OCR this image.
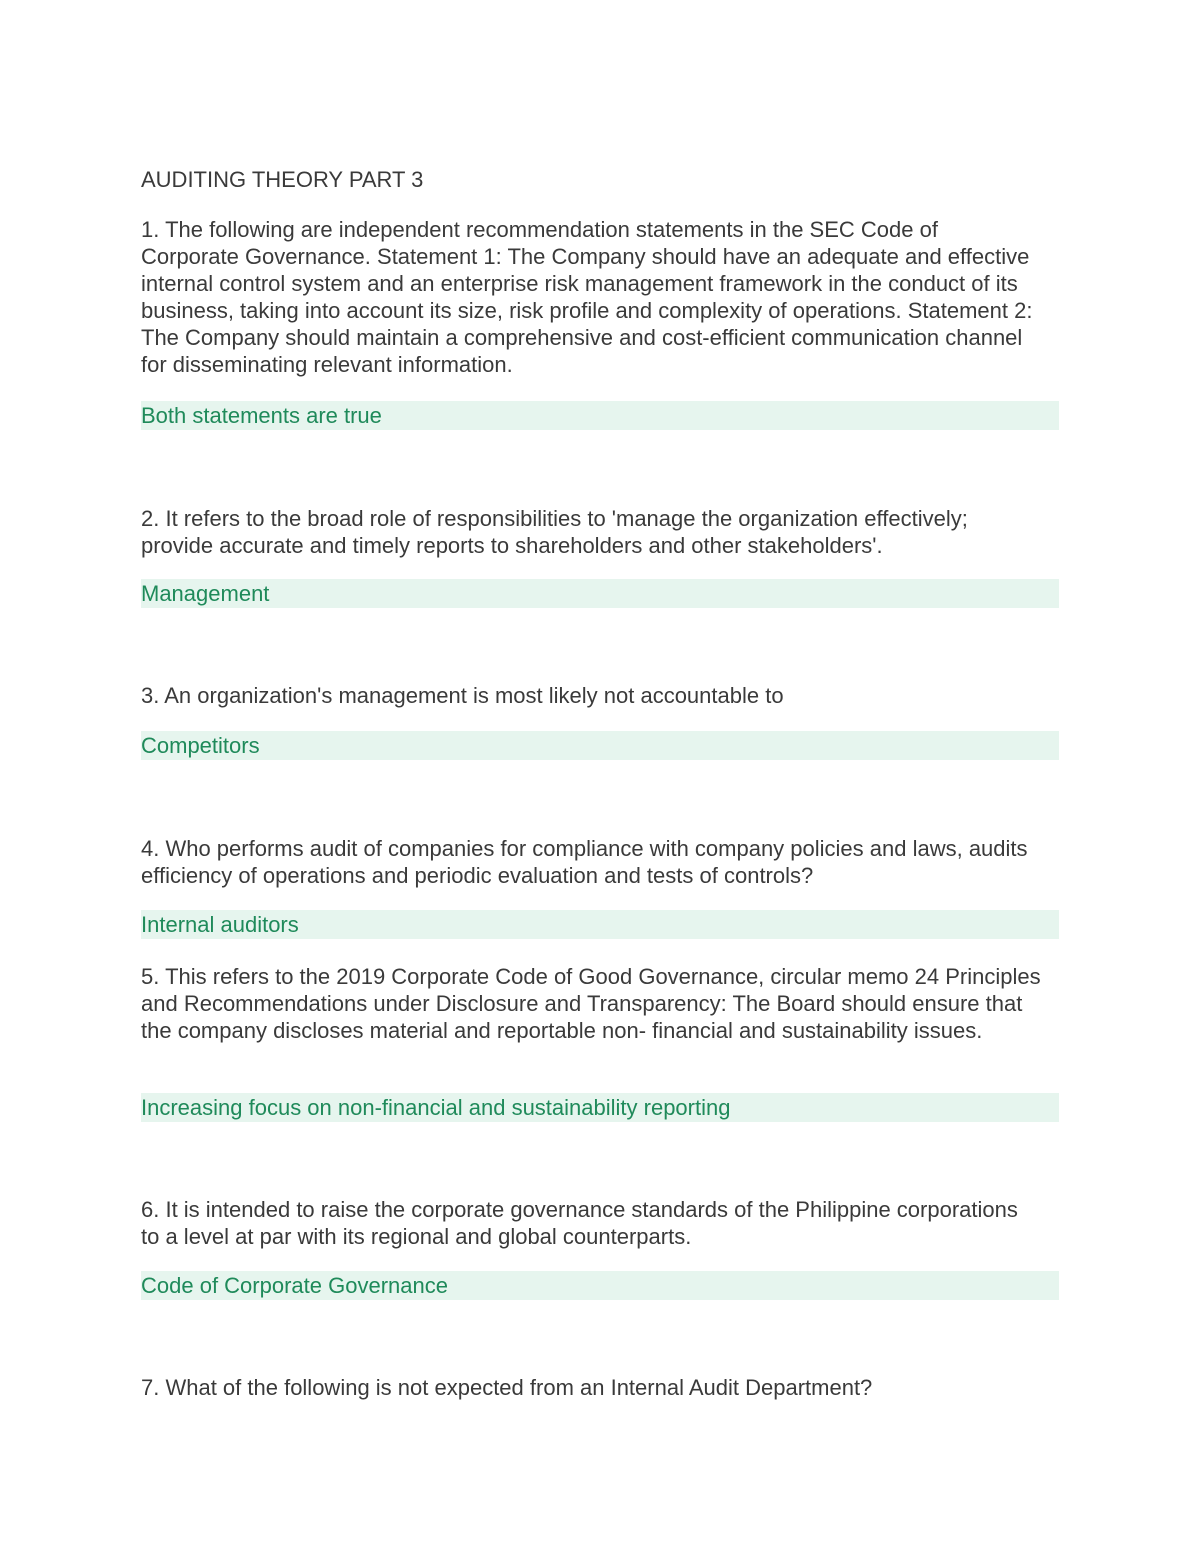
AUDITING THEORY PART 3
1. The following are independent recommendation statements in the SEC Code of Corporate Governance. Statement 1: The Company should have an adequate and effective internal control system and an enterprise risk management framework in the conduct of its business, taking into account its size, risk profile and complexity of operations. Statement 2: The Company should maintain a comprehensive and cost-efficient communication channel for disseminating relevant information.
Both statements are true
2. It refers to the broad role of responsibilities to 'manage the organization effectively; provide accurate and timely reports to shareholders and other stakeholders'.
Management
3. An organization's management is most likely not accountable to
Competitors
4. Who performs audit of companies for compliance with company policies and laws, audits efficiency of operations and periodic evaluation and tests of controls?
Internal auditors
5. This refers to the 2019 Corporate Code of Good Governance, circular memo 24 Principles and Recommendations under Disclosure and Transparency: The Board should ensure that the company discloses material and reportable non- financial and sustainability issues.
Increasing focus on non-financial and sustainability reporting
6. It is intended to raise the corporate governance standards of the Philippine corporations to a level at par with its regional and global counterparts.
Code of Corporate Governance
7. What of the following is not expected from an Internal Audit Department?
